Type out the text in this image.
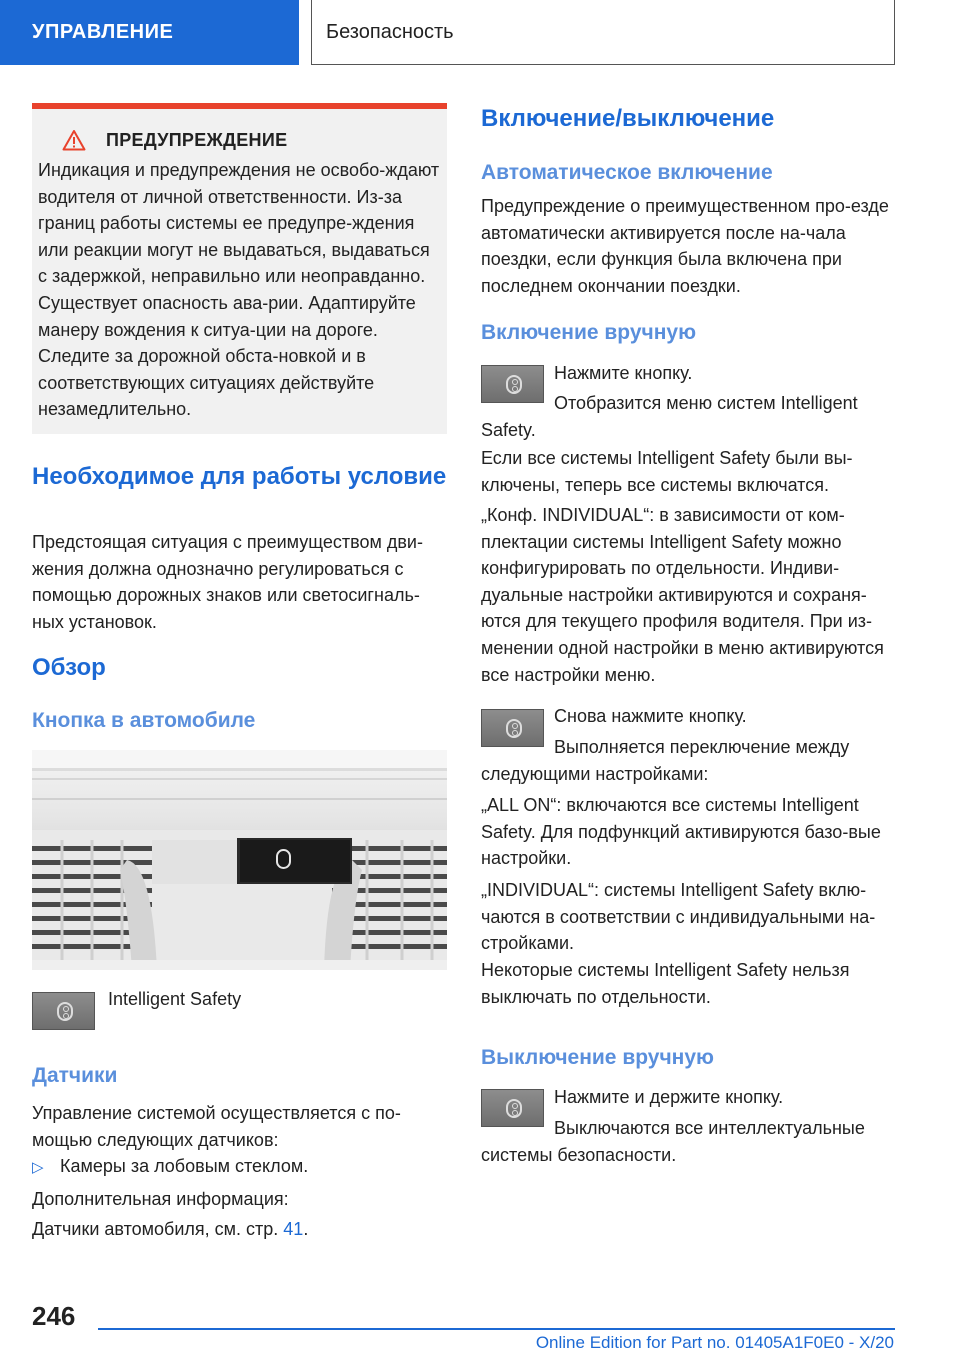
УПРАВЛЕНИЕ	Безопасность
ПРЕДУПРЕЖДЕНИЕ

Индикация и предупреждения не освобо-ждают водителя от личной ответственности. Из-за границ работы системы ее предупре-ждения или реакции могут не выдаваться, выдаваться с задержкой, неправильно или неоправданно. Существует опасность ава-рии. Адаптируйте манеру вождения к ситуа-ции на дороге. Следите за дорожной обста-новкой и в соответствующих ситуациях действуйте незамедлительно.

Необходимое для работы условие

Предстоящая ситуация с преимуществом дви-жения должна однозначно регулироваться с помощью дорожных знаков или светосигналь-ных установок.

Обзор
Кнопка в автомобиле

Intelligent Safety

Датчики

Управление системой осуществляется с по-мощью следующих датчиков:

▷ Камеры за лобовым стеклом.

Дополнительная информация:

Датчики автомобиля, см. стр. 41.

Включение/выключение
Автоматическое включение

Предупреждение о преимущественном про-езде автоматически активируется после на-чала поездки, если функция была включена при последнем окончании поездки.

Включение вручную

Нажмите кнопку.

Отобразится меню систем Intelligent Safety.

Если все системы Intelligent Safety были вы-ключены, теперь все системы включатся.

„Конф. INDIVIDUAL“: в зависимости от ком-плектации системы Intelligent Safety можно конфигурировать по отдельности. Индиви-дуальные настройки активируются и сохраня-ются для текущего профиля водителя. При из-менении одной настройки в меню активируются все настройки меню.

Снова нажмите кнопку.

Выполняется переключение между следующими настройками:

„ALL ON“: включаются все системы Intelligent Safety. Для подфункций активируются базо-вые настройки.

„INDIVIDUAL“: системы Intelligent Safety вклю-чаются в соответствии с индивидуальными на-стройками.

Некоторые системы Intelligent Safety нельзя выключать по отдельности.

Выключение вручную

Нажмите и держите кнопку.

Выключаются все интеллектуальные системы безопасности.

246
Online Edition for Part no. 01405A1F0E0 - X/20
